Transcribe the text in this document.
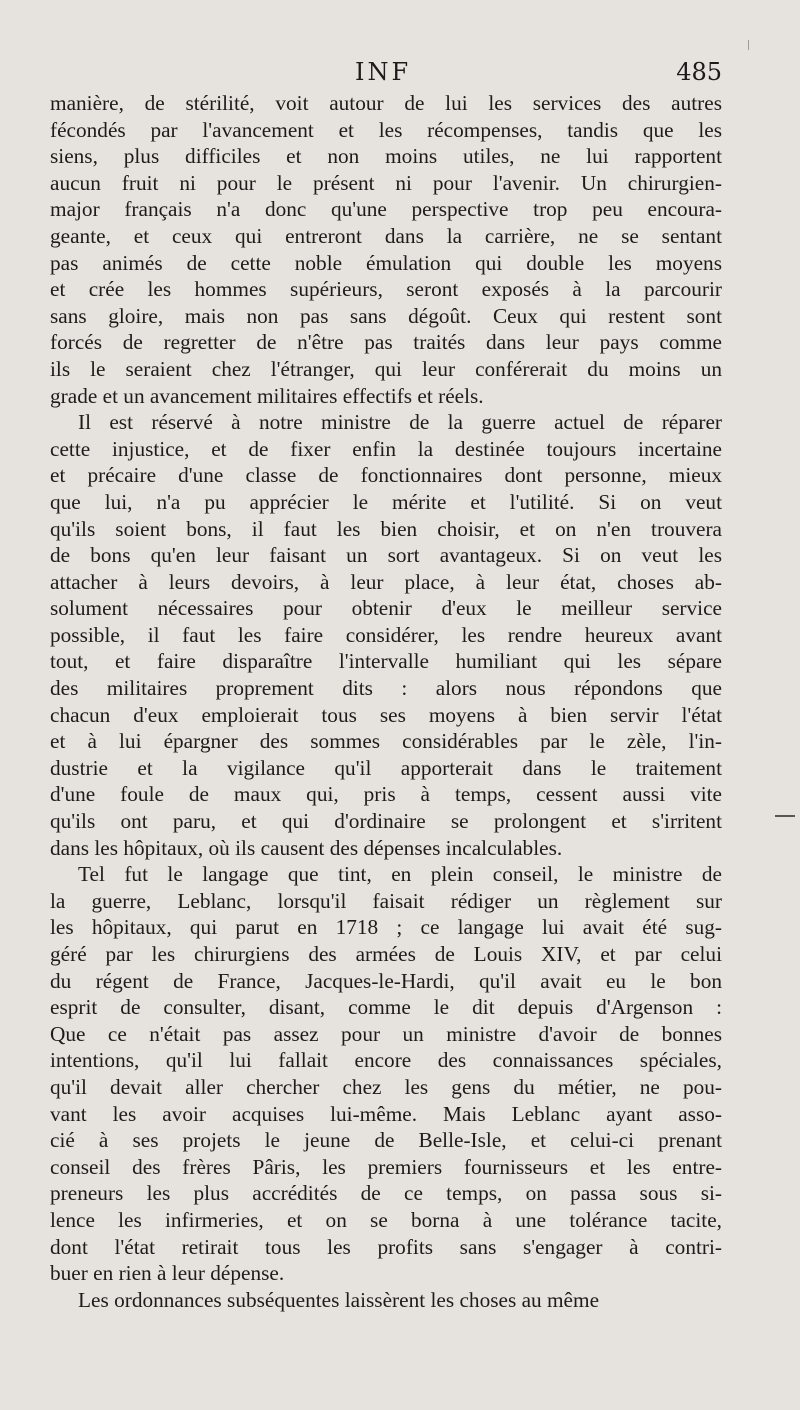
INF	485
manière, de stérilité, voit autour de lui les services des autres
fécondés par l'avancement et les récompenses, tandis que les
siens, plus difficiles et non moins utiles, ne lui rapportent
aucun fruit ni pour le présent ni pour l'avenir. Un chirurgien-
major français n'a donc qu'une perspective trop peu encoura-
geante, et ceux qui entreront dans la carrière, ne se sentant
pas animés de cette noble émulation qui double les moyens
et crée les hommes supérieurs, seront exposés à la parcourir
sans gloire, mais non pas sans dégoût. Ceux qui restent sont
forcés de regretter de n'être pas traités dans leur pays comme
ils le seraient chez l'étranger, qui leur conférerait du moins un
grade et un avancement militaires effectifs et réels.
Il est réservé à notre ministre de la guerre actuel de réparer
cette injustice, et de fixer enfin la destinée toujours incertaine
et précaire d'une classe de fonctionnaires dont personne, mieux
que lui, n'a pu apprécier le mérite et l'utilité. Si on veut
qu'ils soient bons, il faut les bien choisir, et on n'en trouvera
de bons qu'en leur faisant un sort avantageux. Si on veut les
attacher à leurs devoirs, à leur place, à leur état, choses ab-
solument nécessaires pour obtenir d'eux le meilleur service
possible, il faut les faire considérer, les rendre heureux avant
tout, et faire disparaître l'intervalle humiliant qui les sépare
des militaires proprement dits : alors nous répondons que
chacun d'eux emploierait tous ses moyens à bien servir l'état
et à lui épargner des sommes considérables par le zèle, l'in-
dustrie et la vigilance qu'il apporterait dans le traitement
d'une foule de maux qui, pris à temps, cessent aussi vite
qu'ils ont paru, et qui d'ordinaire se prolongent et s'irritent
dans les hôpitaux, où ils causent des dépenses incalculables.
Tel fut le langage que tint, en plein conseil, le ministre de
la guerre, Leblanc, lorsqu'il faisait rédiger un règlement sur
les hôpitaux, qui parut en 1718 ; ce langage lui avait été sug-
géré par les chirurgiens des armées de Louis XIV, et par celui
du régent de France, Jacques-le-Hardi, qu'il avait eu le bon
esprit de consulter, disant, comme le dit depuis d'Argenson :
Que ce n'était pas assez pour un ministre d'avoir de bonnes
intentions, qu'il lui fallait encore des connaissances spéciales,
qu'il devait aller chercher chez les gens du métier, ne pou-
vant les avoir acquises lui-même. Mais Leblanc ayant asso-
cié à ses projets le jeune de Belle-Isle, et celui-ci prenant
conseil des frères Pâris, les premiers fournisseurs et les entre-
preneurs les plus accrédités de ce temps, on passa sous si-
lence les infirmeries, et on se borna à une tolérance tacite,
dont l'état retirait tous les profits sans s'engager à contri-
buer en rien à leur dépense.
Les ordonnances subséquentes laissèrent les choses au même
